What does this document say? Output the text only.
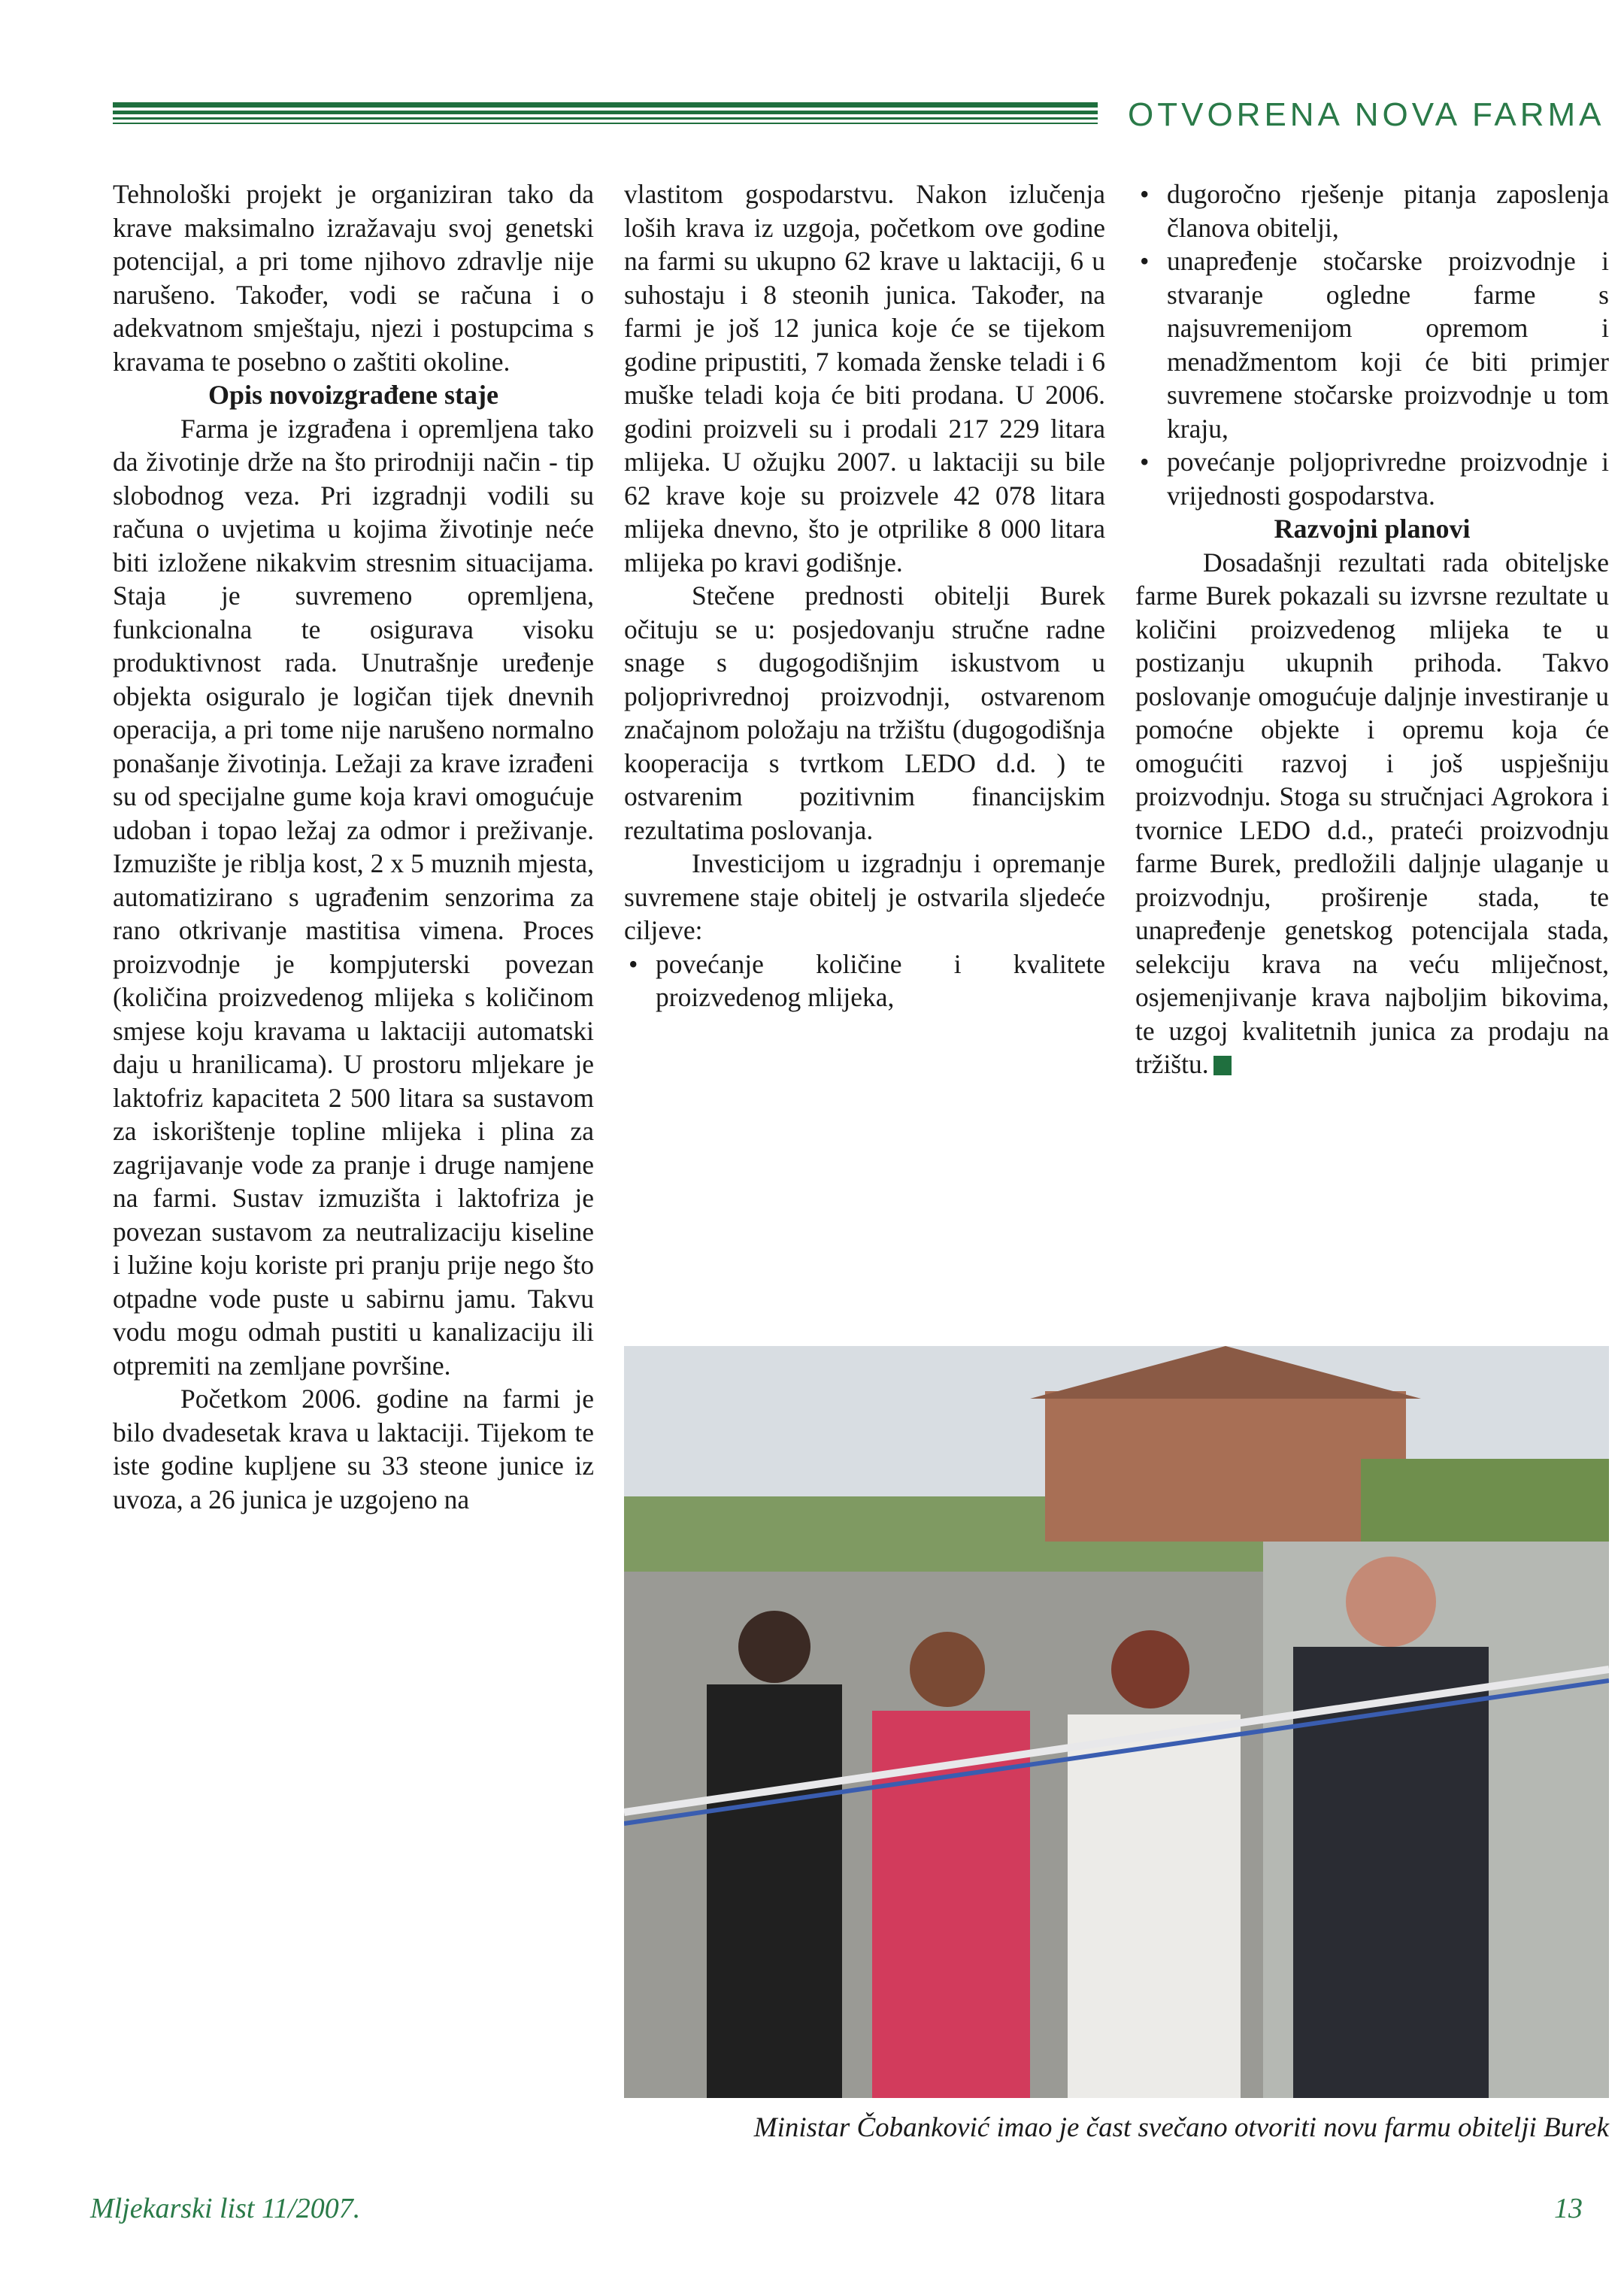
OTVORENA NOVA FARMA

Tehnološki projekt je organiziran tako da krave maksimalno izražavaju svoj genetski potencijal, a pri tome njihovo zdravlje nije narušeno. Također, vodi se računa i o adekvatnom smještaju, njezi i postupcima s kravama te posebno o zaštiti okoline.

Opis novoizgrađene staje

Farma je izgrađena i opremljena tako da životinje drže na što prirodniji način - tip slobodnog veza. Pri izgradnji vodili su računa o uvjetima u kojima životinje neće biti izložene nikakvim stresnim situacijama. Staja je suvremeno opremljena, funkcionalna te osigurava visoku produktivnost rada. Unutrašnje uređenje objekta osiguralo je logičan tijek dnevnih operacija, a pri tome nije narušeno normalno ponašanje životinja. Ležaji za krave izrađeni su od specijalne gume koja kravi omogućuje udoban i topao ležaj za odmor i preživanje. Izmuzište je riblja kost, 2 x 5 muznih mjesta, automatizirano s ugrađenim senzorima za rano otkrivanje mastitisa vimena. Proces proizvodnje je kompjuterski povezan (količina proizvedenog mlijeka s količinom smjese koju kravama u laktaciji automatski daju u hranilicama). U prostoru mljekare je laktofriz kapaciteta 2 500 litara sa sustavom za iskorištenje topline mlijeka i plina za zagrijavanje vode za pranje i druge namjene na farmi. Sustav izmuzišta i laktofriza je povezan sustavom za neutralizaciju kiseline i lužine koju koriste pri pranju prije nego što otpadne vode puste u sabirnu jamu. Takvu vodu mogu odmah pustiti u kanalizaciju ili otpremiti na zemljane površine.

Početkom 2006. godine na farmi je bilo dvadesetak krava u laktaciji. Tijekom te iste godine kupljene su 33 steone junice iz uvoza, a 26 junica je uzgojeno na

vlastitom gospodarstvu. Nakon izlučenja loših krava iz uzgoja, početkom ove godine na farmi su ukupno 62 krave u laktaciji, 6 u suhostaju i 8 steonih junica. Također, na farmi je još 12 junica koje će se tijekom godine pripustiti, 7 komada ženske teladi i 6 muške teladi koja će biti prodana. U 2006. godini proizveli su i prodali 217 229 litara mlijeka. U ožujku 2007. u laktaciji su bile 62 krave koje su proizvele 42 078 litara mlijeka dnevno, što je otprilike 8 000 litara mlijeka po kravi godišnje.

Stečene prednosti obitelji Burek očituju se u: posjedovanju stručne radne snage s dugogodišnjim iskustvom u poljoprivrednoj proizvodnji, ostvarenom značajnom položaju na tržištu (dugogodišnja kooperacija s tvrtkom LEDO d.d. ) te ostvarenim pozitivnim financijskim rezultatima poslovanja.

Investicijom u izgradnju i opremanje suvremene staje obitelj je ostvarila sljedeće ciljeve:

• povećanje količine i kvalitete proizvedenog mlijeka,
• dugoročno rješenje pitanja zaposlenja članova obitelji,
• unapređenje stočarske proizvodnje i stvaranje ogledne farme s najsuvremenijom opremom i menadžmentom koji će biti primjer suvremene stočarske proizvodnje u tom kraju,
• povećanje poljoprivredne proizvodnje i vrijednosti gospodarstva.
Razvojni planovi

Dosadašnji rezultati rada obiteljske farme Burek pokazali su izvrsne rezultate u količini proizvedenog mlijeka te u postizanju ukupnih prihoda. Takvo poslovanje omogućuje daljnje investiranje u pomoćne objekte i opremu koja će omogućiti razvoj i još uspješniju proizvodnju. Stoga su stručnjaci Agrokora i tvornice LEDO d.d., prateći proizvodnju farme Burek, predložili daljnje ulaganje u proizvodnju, proširenje stada, te unapređenje genetskog potencijala stada, selekciju krava na veću mliječnost, osjemenjivanje krava najboljim bikovima, te uzgoj kvalitetnih junica za prodaju na tržištu.

Ministar Čobanković imao je čast svečano otvoriti novu farmu obitelji Burek
Mljekarski list 11/2007.	13
